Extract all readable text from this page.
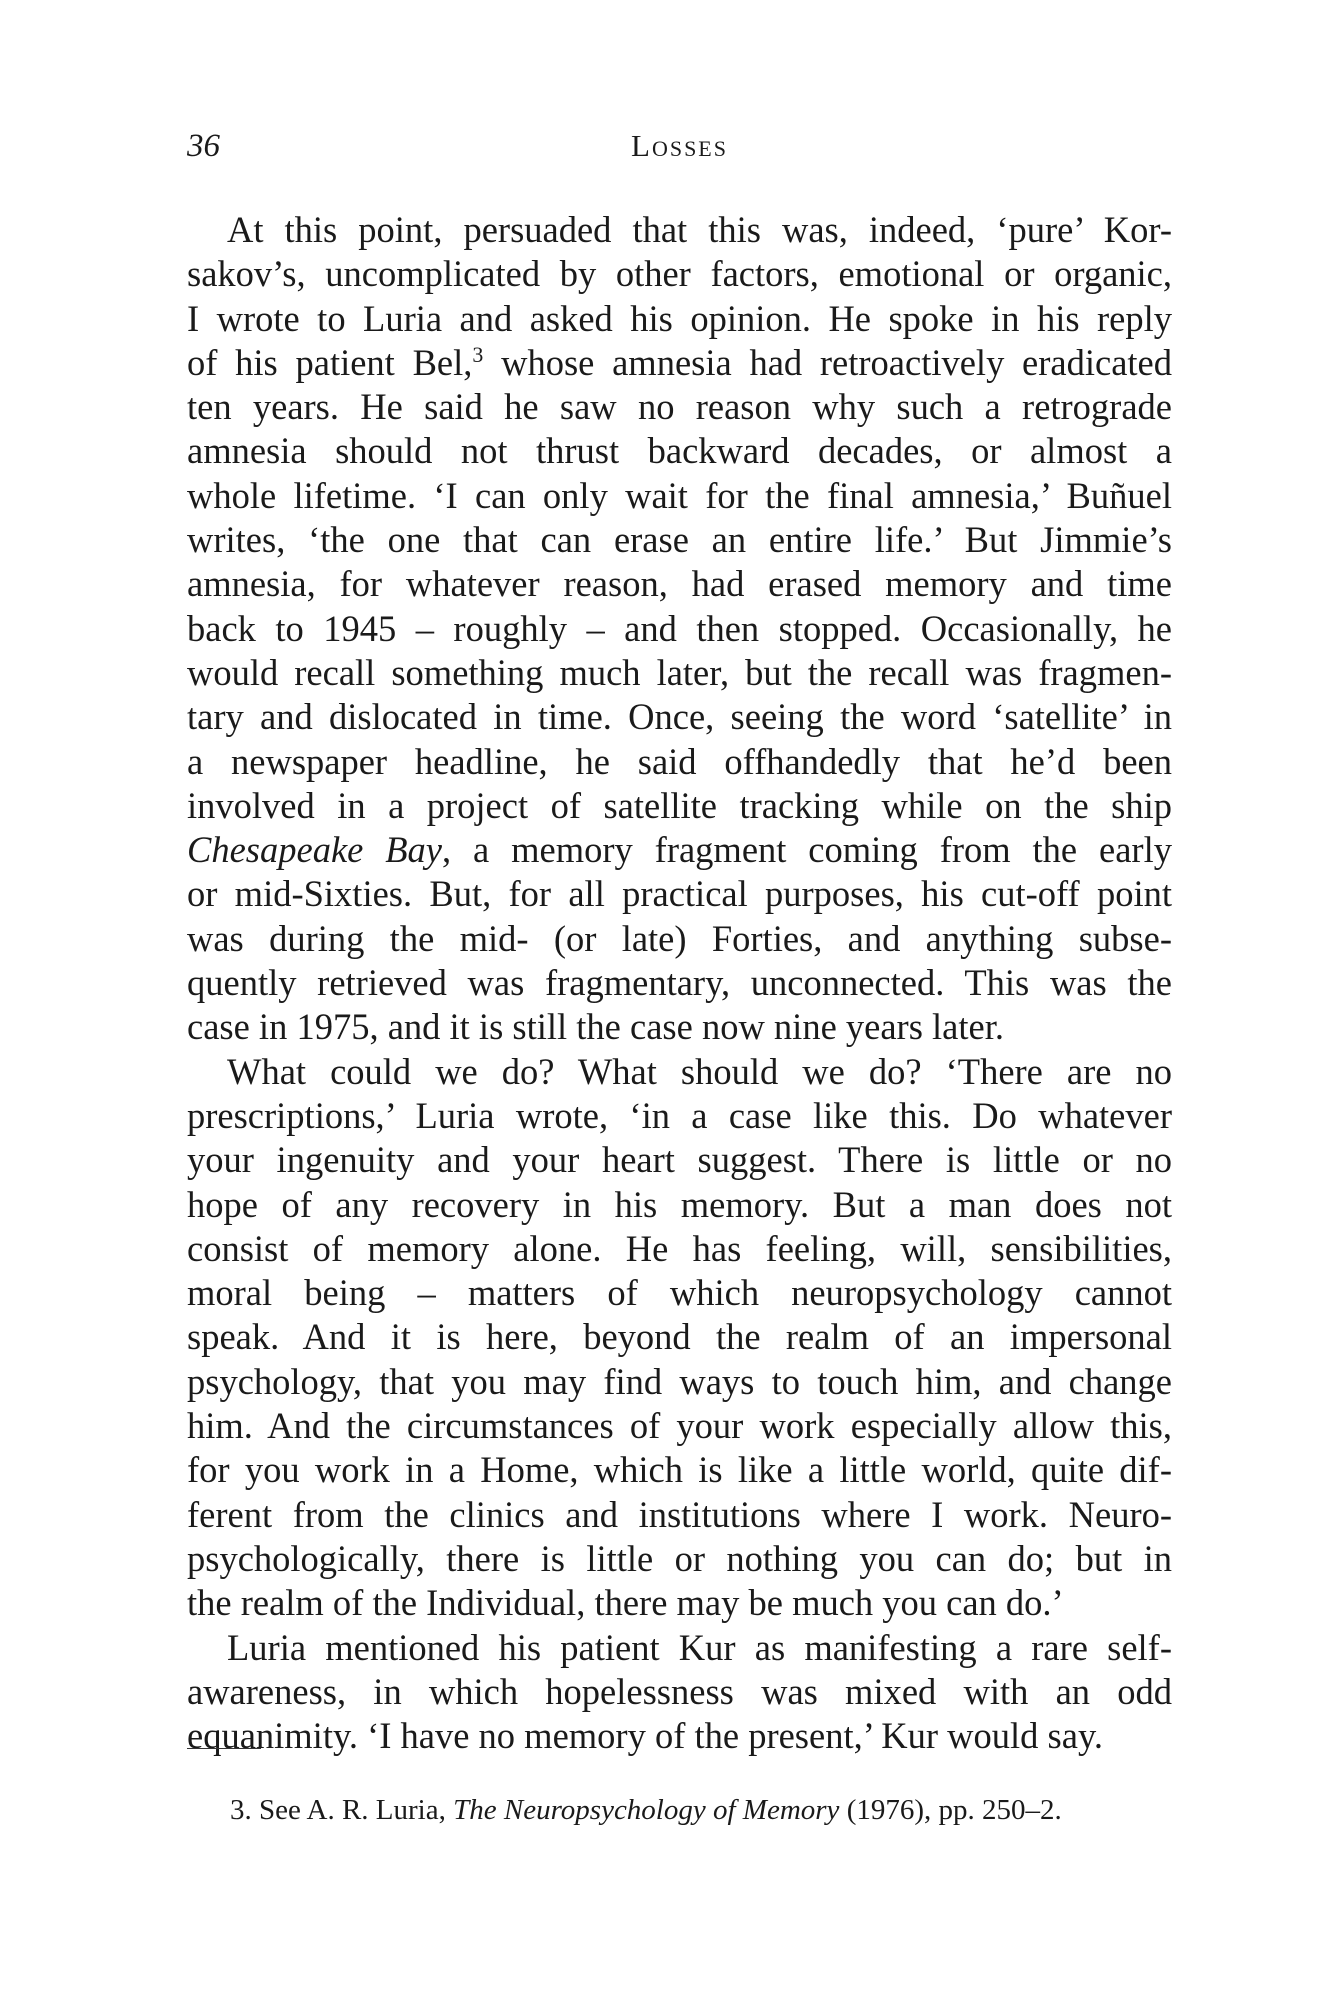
36	Losses
At this point, persuaded that this was, indeed, ‘pure’ Kor-
sakov’s, uncomplicated by other factors, emotional or organic,
I wrote to Luria and asked his opinion. He spoke in his reply
of his patient Bel,$^3$ whose amnesia had retroactively eradicated
ten years. He said he saw no reason why such a retrograde
amnesia should not thrust backward decades, or almost a
whole lifetime. ‘I can only wait for the final amnesia,’ Buñuel
writes, ‘the one that can erase an entire life.’ But Jimmie’s
amnesia, for whatever reason, had erased memory and time
back to 1945 – roughly – and then stopped. Occasionally, he
would recall something much later, but the recall was fragmen-
tary and dislocated in time. Once, seeing the word ‘satellite’ in
a newspaper headline, he said offhandedly that he’d been
involved in a project of satellite tracking while on the ship
Chesapeake Bay, a memory fragment coming from the early
or mid-Sixties. But, for all practical purposes, his cut-off point
was during the mid- (or late) Forties, and anything subse-
quently retrieved was fragmentary, unconnected. This was the
case in 1975, and it is still the case now nine years later.
What could we do? What should we do? ‘There are no
prescriptions,’ Luria wrote, ‘in a case like this. Do whatever
your ingenuity and your heart suggest. There is little or no
hope of any recovery in his memory. But a man does not
consist of memory alone. He has feeling, will, sensibilities,
moral being – matters of which neuropsychology cannot
speak. And it is here, beyond the realm of an impersonal
psychology, that you may find ways to touch him, and change
him. And the circumstances of your work especially allow this,
for you work in a Home, which is like a little world, quite dif-
ferent from the clinics and institutions where I work. Neuro-
psychologically, there is little or nothing you can do; but in
the realm of the Individual, there may be much you can do.’
Luria mentioned his patient Kur as manifesting a rare self-
awareness, in which hopelessness was mixed with an odd
equanimity. ‘I have no memory of the present,’ Kur would say.
3. See A. R. Luria, The Neuropsychology of Memory (1976), pp. 250–2.
